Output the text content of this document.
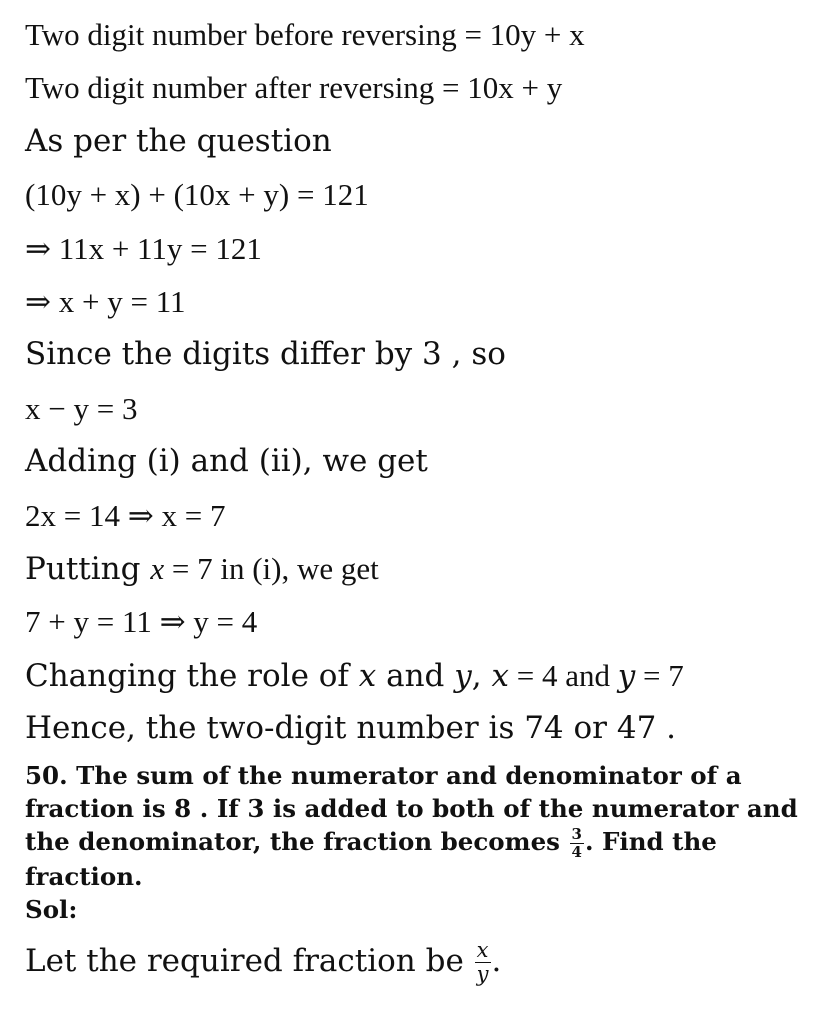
Two digit number before reversing = 10y + x
Two digit number after reversing = 10x + y
As per the question
(10y + x) + (10x + y) = 121
⇒ 11x + 11y = 121
⇒ x + y = 11
Since the digits differ by 3 , so
x − y = 3
Adding (i) and (ii), we get
2x = 14 ⇒ x = 7
Putting x = 7 in (i), we get
7 + y = 11 ⇒ y = 4
Changing the role of x and y, x = 4 and y = 7
Hence, the two-digit number is 74 or 47 .
50. The sum of the numerator and denominator of a
fraction is 8 . If 3 is added to both of the numerator and
the denominator, the fraction becomes $\frac{3}{4}$ . Find the
fraction.
Sol:
Let the required fraction be $\frac{x}{y}$ .
